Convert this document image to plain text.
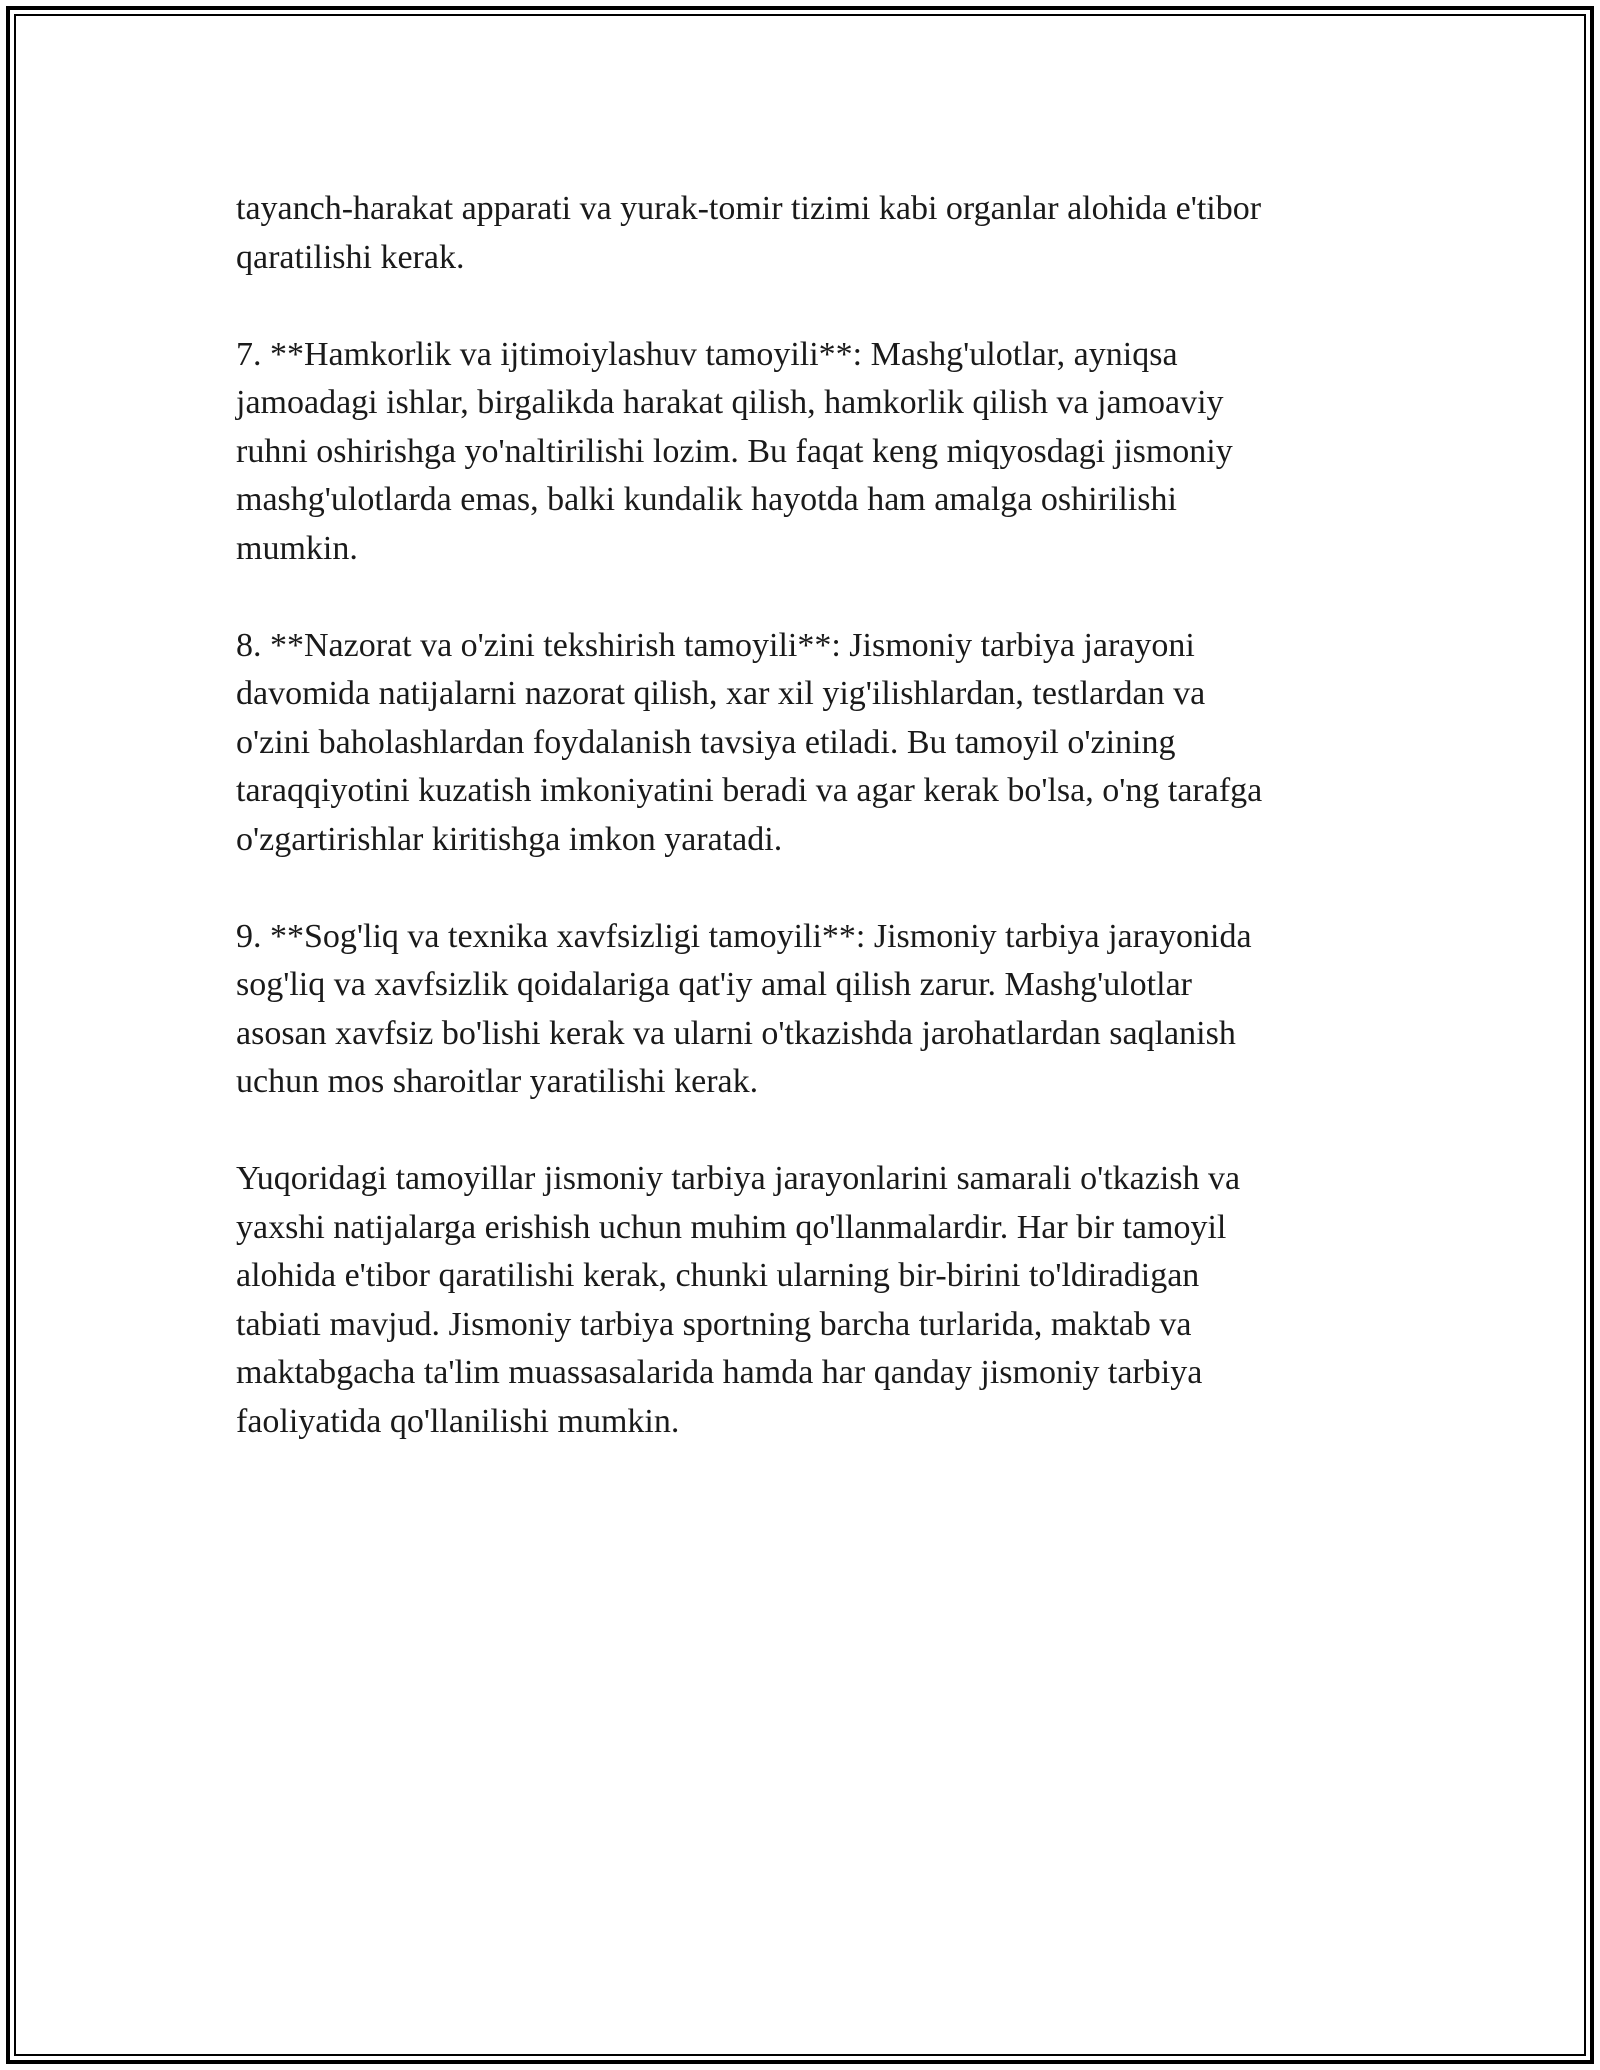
tayanch-harakat apparati va yurak-tomir tizimi kabi organlar alohida e'tibor
qaratilishi kerak.

7. **Hamkorlik va ijtimoiylashuv tamoyili**: Mashg'ulotlar, ayniqsa
jamoadagi ishlar, birgalikda harakat qilish, hamkorlik qilish va jamoaviy
ruhni oshirishga yo'naltirilishi lozim. Bu faqat keng miqyosdagi jismoniy
mashg'ulotlarda emas, balki kundalik hayotda ham amalga oshirilishi
mumkin.

8. **Nazorat va o'zini tekshirish tamoyili**: Jismoniy tarbiya jarayoni
davomida natijalarni nazorat qilish, xar xil yig'ilishlardan, testlardan va
o'zini baholashlardan foydalanish tavsiya etiladi. Bu tamoyil o'zining
taraqqiyotini kuzatish imkoniyatini beradi va agar kerak bo'lsa, o'ng tarafga
o'zgartirishlar kiritishga imkon yaratadi.

9. **Sog'liq va texnika xavfsizligi tamoyili**: Jismoniy tarbiya jarayonida
sog'liq va xavfsizlik qoidalariga qat'iy amal qilish zarur. Mashg'ulotlar
asosan xavfsiz bo'lishi kerak va ularni o'tkazishda jarohatlardan saqlanish
uchun mos sharoitlar yaratilishi kerak.

Yuqoridagi tamoyillar jismoniy tarbiya jarayonlarini samarali o'tkazish va
yaxshi natijalarga erishish uchun muhim qo'llanmalardir. Har bir tamoyil
alohida e'tibor qaratilishi kerak, chunki ularning bir-birini to'ldiradigan
tabiati mavjud. Jismoniy tarbiya sportning barcha turlarida, maktab va
maktabgacha ta'lim muassasalarida hamda har qanday jismoniy tarbiya
faoliyatida qo'llanilishi mumkin.
